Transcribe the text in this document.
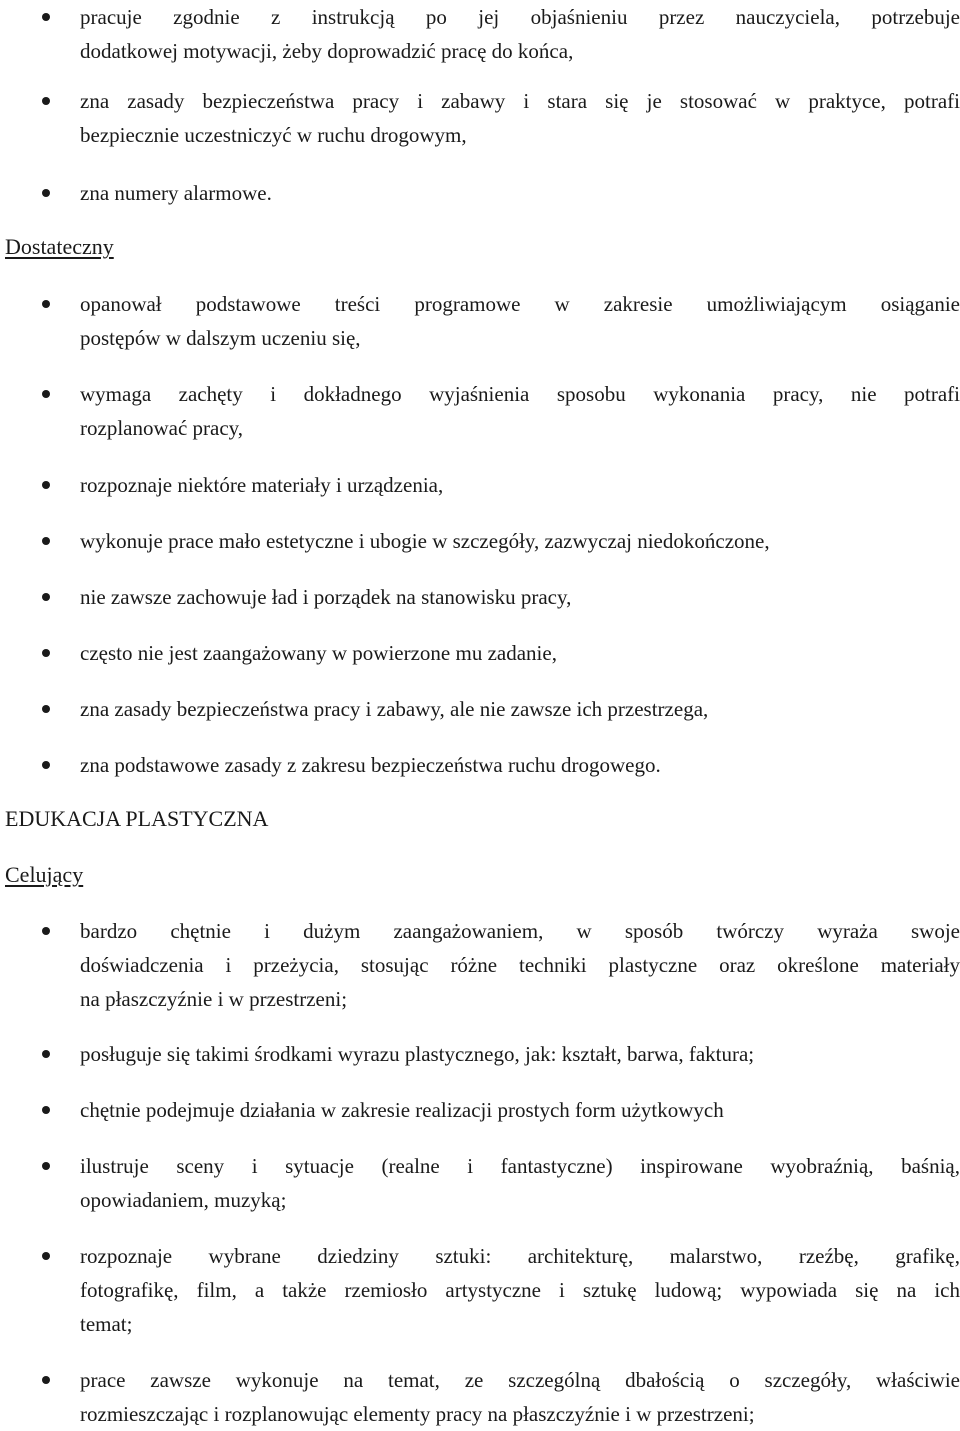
pracuje zgodnie z instrukcją po jej objaśnieniu przez nauczyciela, potrzebuje
dodatkowej motywacji, żeby doprowadzić pracę do końca,
zna zasady bezpieczeństwa pracy i zabawy i stara się je stosować w praktyce, potrafi
bezpiecznie uczestniczyć w ruchu drogowym,
zna numery alarmowe.
Dostateczny
opanował podstawowe treści programowe w zakresie umożliwiającym osiąganie
postępów w dalszym uczeniu się,
wymaga zachęty i dokładnego wyjaśnienia sposobu wykonania pracy, nie potrafi
rozplanować pracy,
rozpoznaje niektóre materiały i urządzenia,
wykonuje prace mało estetyczne i ubogie w szczegóły, zazwyczaj niedokończone,
nie zawsze zachowuje ład i porządek na stanowisku pracy,
często nie jest zaangażowany w powierzone mu zadanie,
zna zasady bezpieczeństwa pracy i zabawy, ale nie zawsze ich przestrzega,
zna podstawowe zasady z zakresu bezpieczeństwa ruchu drogowego.
EDUKACJA PLASTYCZNA
Celujący
bardzo chętnie i dużym zaangażowaniem, w sposób twórczy wyraża swoje
doświadczenia i przeżycia, stosując różne techniki plastyczne oraz określone materiały
na płaszczyźnie i w przestrzeni;
posługuje się takimi środkami wyrazu plastycznego, jak: kształt, barwa, faktura;
chętnie podejmuje działania w zakresie realizacji prostych form użytkowych
ilustruje sceny i sytuacje (realne i fantastyczne) inspirowane wyobraźnią, baśnią,
opowiadaniem, muzyką;
rozpoznaje wybrane dziedziny sztuki: architekturę, malarstwo, rzeźbę, grafikę,
fotografikę, film, a także rzemiosło artystyczne i sztukę ludową; wypowiada się na ich
temat;
prace zawsze wykonuje na temat, ze szczególną dbałością o szczegóły, właściwie
rozmieszczając i rozplanowując elementy pracy na płaszczyźnie i w przestrzeni;
